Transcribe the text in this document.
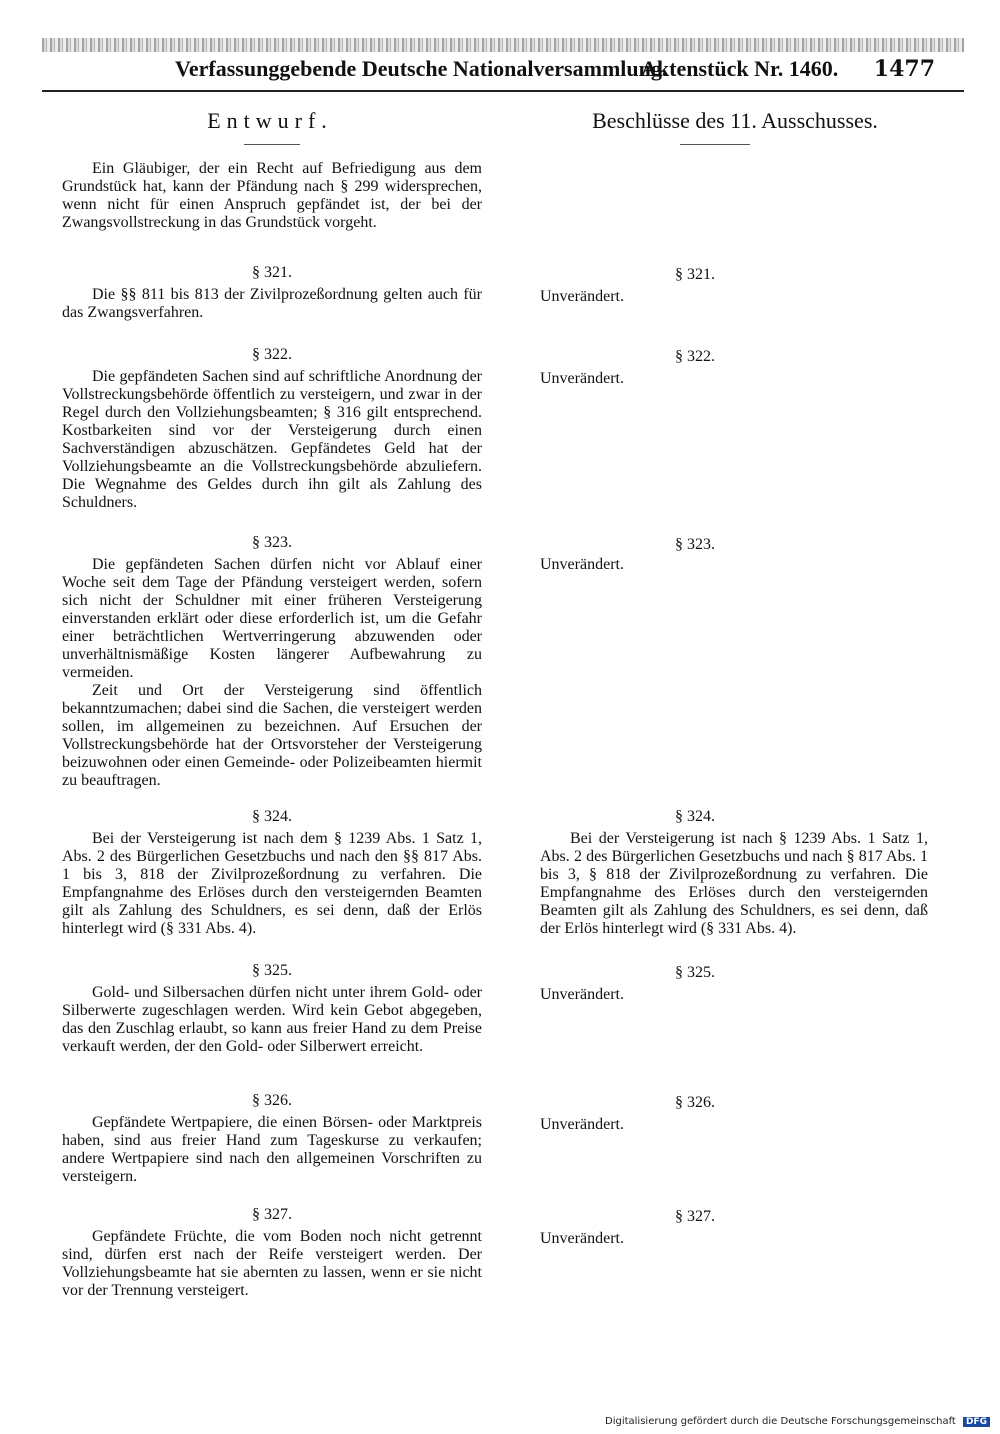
Verfassunggebende Deutsche Nationalversammlung.
Aktenstück Nr. 1460. 1477
Entwurf.	Beschlüsse des 11. Ausschusses.

Ein Gläubiger, der ein Recht auf Befriedigung aus dem Grundstück hat, kann der Pfändung nach § 299 widersprechen, wenn nicht für einen Anspruch gepfändet ist, der bei der Zwangsvollstreckung in das Grundstück vorgeht.

§ 321.	§ 321.

Die §§ 811 bis 813 der Zivilprozeßordnung gelten auch für das Zwangsverfahren.

Unverändert.
§ 322.	§ 322.

Die gepfändeten Sachen sind auf schriftliche Anordnung der Vollstreckungsbehörde öffentlich zu versteigern, und zwar in der Regel durch den Vollziehungsbeamten; § 316 gilt entsprechend. Kostbarkeiten sind vor der Versteigerung durch einen Sachverständigen abzuschätzen. Gepfändetes Geld hat der Vollziehungsbeamte an die Vollstreckungsbehörde abzuliefern. Die Wegnahme des Geldes durch ihn gilt als Zahlung des Schuldners.

Unverändert.
§ 323.	§ 323.

Die gepfändeten Sachen dürfen nicht vor Ablauf einer Woche seit dem Tage der Pfändung versteigert werden, sofern sich nicht der Schuldner mit einer früheren Versteigerung einverstanden erklärt oder diese erforderlich ist, um die Gefahr einer beträchtlichen Wertverringerung abzuwenden oder unverhältnismäßige Kosten längerer Aufbewahrung zu vermeiden.

Zeit und Ort der Versteigerung sind öffentlich bekanntzumachen; dabei sind die Sachen, die versteigert werden sollen, im allgemeinen zu bezeichnen. Auf Ersuchen der Vollstreckungsbehörde hat der Ortsvorsteher der Versteigerung beizuwohnen oder einen Gemeinde- oder Polizeibeamten hiermit zu beauftragen.

Unverändert.
§ 324.	§ 324.

Bei der Versteigerung ist nach dem § 1239 Abs. 1 Satz 1, Abs. 2 des Bürgerlichen Gesetzbuchs und nach den §§ 817 Abs. 1 bis 3, 818 der Zivilprozeßordnung zu verfahren. Die Empfangnahme des Erlöses durch den versteigernden Beamten gilt als Zahlung des Schuldners, es sei denn, daß der Erlös hinterlegt wird (§ 331 Abs. 4).

Bei der Versteigerung ist nach § 1239 Abs. 1 Satz 1, Abs. 2 des Bürgerlichen Gesetzbuchs und nach § 817 Abs. 1 bis 3, § 818 der Zivilprozeßordnung zu verfahren. Die Empfangnahme des Erlöses durch den versteigernden Beamten gilt als Zahlung des Schuldners, es sei denn, daß der Erlös hinterlegt wird (§ 331 Abs. 4).

§ 325.	§ 325.

Gold- und Silbersachen dürfen nicht unter ihrem Gold- oder Silberwerte zugeschlagen werden. Wird kein Gebot abgegeben, das den Zuschlag erlaubt, so kann aus freier Hand zu dem Preise verkauft werden, der den Gold- oder Silberwert erreicht.

Unverändert.
§ 326.	§ 326.

Gepfändete Wertpapiere, die einen Börsen- oder Marktpreis haben, sind aus freier Hand zum Tageskurse zu verkaufen; andere Wertpapiere sind nach den allgemeinen Vorschriften zu versteigern.

Unverändert.
§ 327.	§ 327.

Gepfändete Früchte, die vom Boden noch nicht getrennt sind, dürfen erst nach der Reife versteigert werden. Der Vollziehungsbeamte hat sie abernten zu lassen, wenn er sie nicht vor der Trennung versteigert.

Unverändert.
Digitalisierung gefördert durch die Deutsche Forschungsgemeinschaft DFG
